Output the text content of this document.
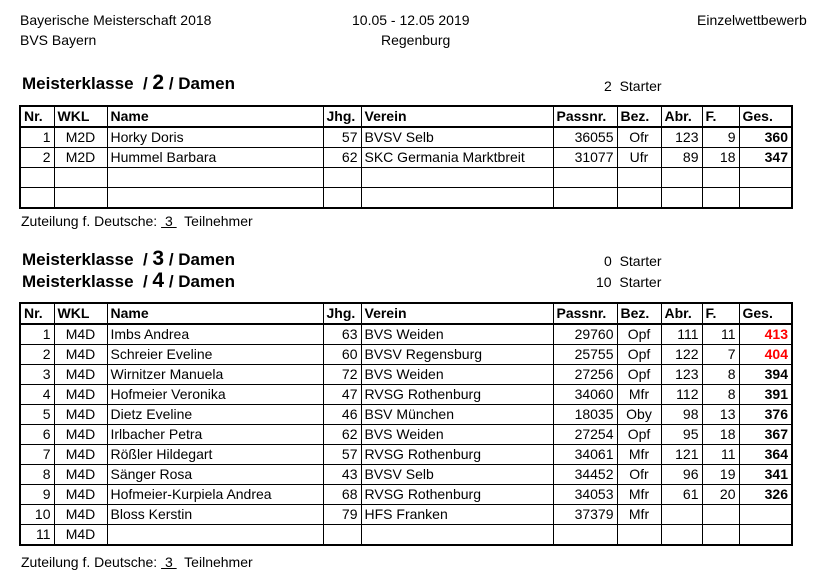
Bayerische Meisterschaft 2018
BVS Bayern
10.05 - 12.05 2019
Regenburg
Einzelwettbewerb
Meisterklasse  / 2 / Damen	2  Starter
Nr.	WKL	Name	Jhg.	Verein	Passnr.	Bez.	Abr.	F.	Ges.
1	M2D	Horky Doris	57	BVSV Selb	36055	Ofr	123	9	360
2	M2D	Hummel Barbara	62	SKC Germania Marktbreit	31077	Ufr	89	18	347

Zuteilung f. Deutsche:  3   Teilnehmer
Meisterklasse  / 3 / Damen	0  Starter
Meisterklasse  / 4 / Damen	10  Starter
Nr.	WKL	Name	Jhg.	Verein	Passnr.	Bez.	Abr.	F.	Ges.
1	M4D	Imbs Andrea	63	BVS Weiden	29760	Opf	111	11	413
2	M4D	Schreier Eveline	60	BVSV Regensburg	25755	Opf	122	7	404
3	M4D	Wirnitzer Manuela	72	BVS Weiden	27256	Opf	123	8	394
4	M4D	Hofmeier Veronika	47	RVSG Rothenburg	34060	Mfr	112	8	391
5	M4D	Dietz Eveline	46	BSV München	18035	Oby	98	13	376
6	M4D	Irlbacher Petra	62	BVS Weiden	27254	Opf	95	18	367
7	M4D	Rößler Hildegart	57	RVSG Rothenburg	34061	Mfr	121	11	364
8	M4D	Sänger Rosa	43	BVSV Selb	34452	Ofr	96	19	341
9	M4D	Hofmeier-Kurpiela Andrea	68	RVSG Rothenburg	34053	Mfr	61	20	326
10	M4D	Bloss Kerstin	79	HFS Franken	37379	Mfr			
11	M4D								
Zuteilung f. Deutsche:  3   Teilnehmer
